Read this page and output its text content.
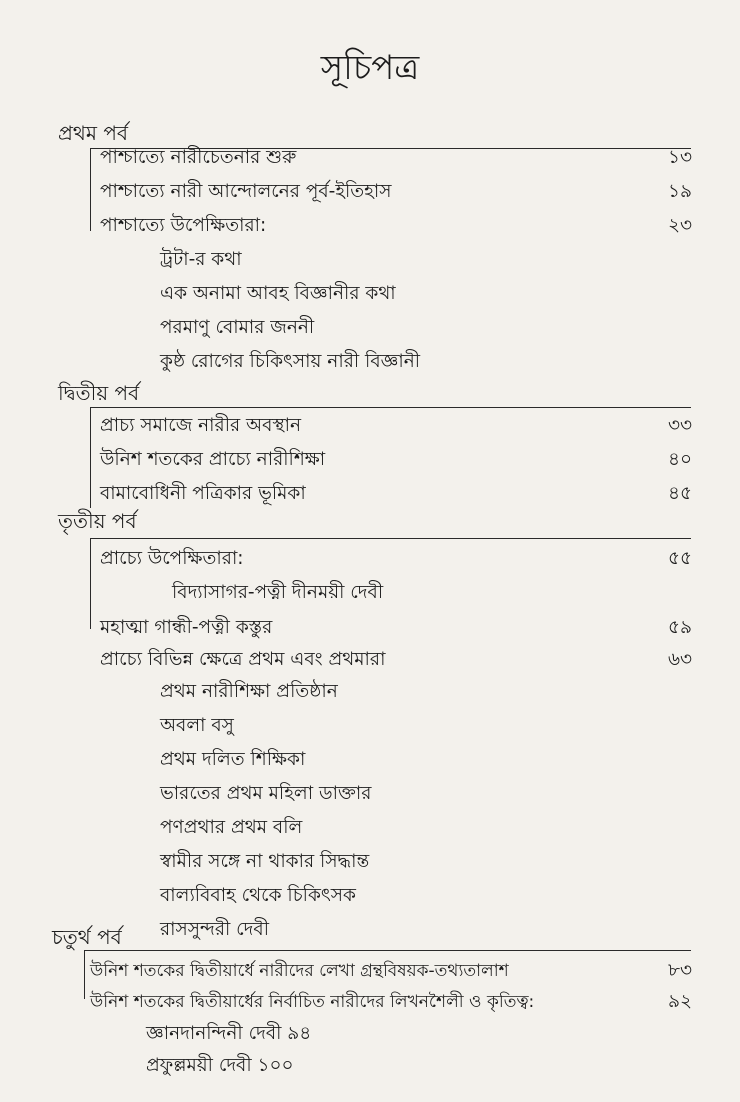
সূচিপত্র
প্রথম পর্ব
পাশ্চাত্যে নারীচেতনার শুরু	১৩
পাশ্চাত্যে নারী আন্দোলনের পূর্ব-ইতিহাস	১৯
পাশ্চাত্যে উপেক্ষিতারা:	২৩
ট্রটা-র কথা
এক অনামা আবহ বিজ্ঞানীর কথা
পরমাণু বোমার জননী
কুষ্ঠ রোগের চিকিৎসায় নারী বিজ্ঞানী
দ্বিতীয় পর্ব
প্রাচ্য সমাজে নারীর অবস্থান	৩৩
উনিশ শতকের প্রাচ্যে নারীশিক্ষা	৪০
বামাবোধিনী পত্রিকার ভূমিকা	৪৫
তৃতীয় পর্ব
প্রাচ্যে উপেক্ষিতারা:	৫৫
বিদ্যাসাগর-পত্নী দীনময়ী দেবী
মহাত্মা গান্ধী-পত্নী কস্তুর	৫৯
প্রাচ্যে বিভিন্ন ক্ষেত্রে প্রথম এবং প্রথমারা	৬৩
প্রথম নারীশিক্ষা প্রতিষ্ঠান
অবলা বসু
প্রথম দলিত শিক্ষিকা
ভারতের প্রথম মহিলা ডাক্তার
পণপ্রথার প্রথম বলি
স্বামীর সঙ্গে না থাকার সিদ্ধান্ত
বাল্যবিবাহ থেকে চিকিৎসক
রাসসুন্দরী দেবী
চতুর্থ পর্ব
উনিশ শতকের দ্বিতীয়ার্ধে নারীদের লেখা গ্রন্থবিষয়ক-তথ্যতালাশ	৮৩
উনিশ শতকের দ্বিতীয়ার্ধের নির্বাচিত নারীদের লিখনশৈলী ও কৃতিত্ব:	৯২
জ্ঞানদানন্দিনী দেবী ৯৪
প্রফুল্লময়ী দেবী ১০০
